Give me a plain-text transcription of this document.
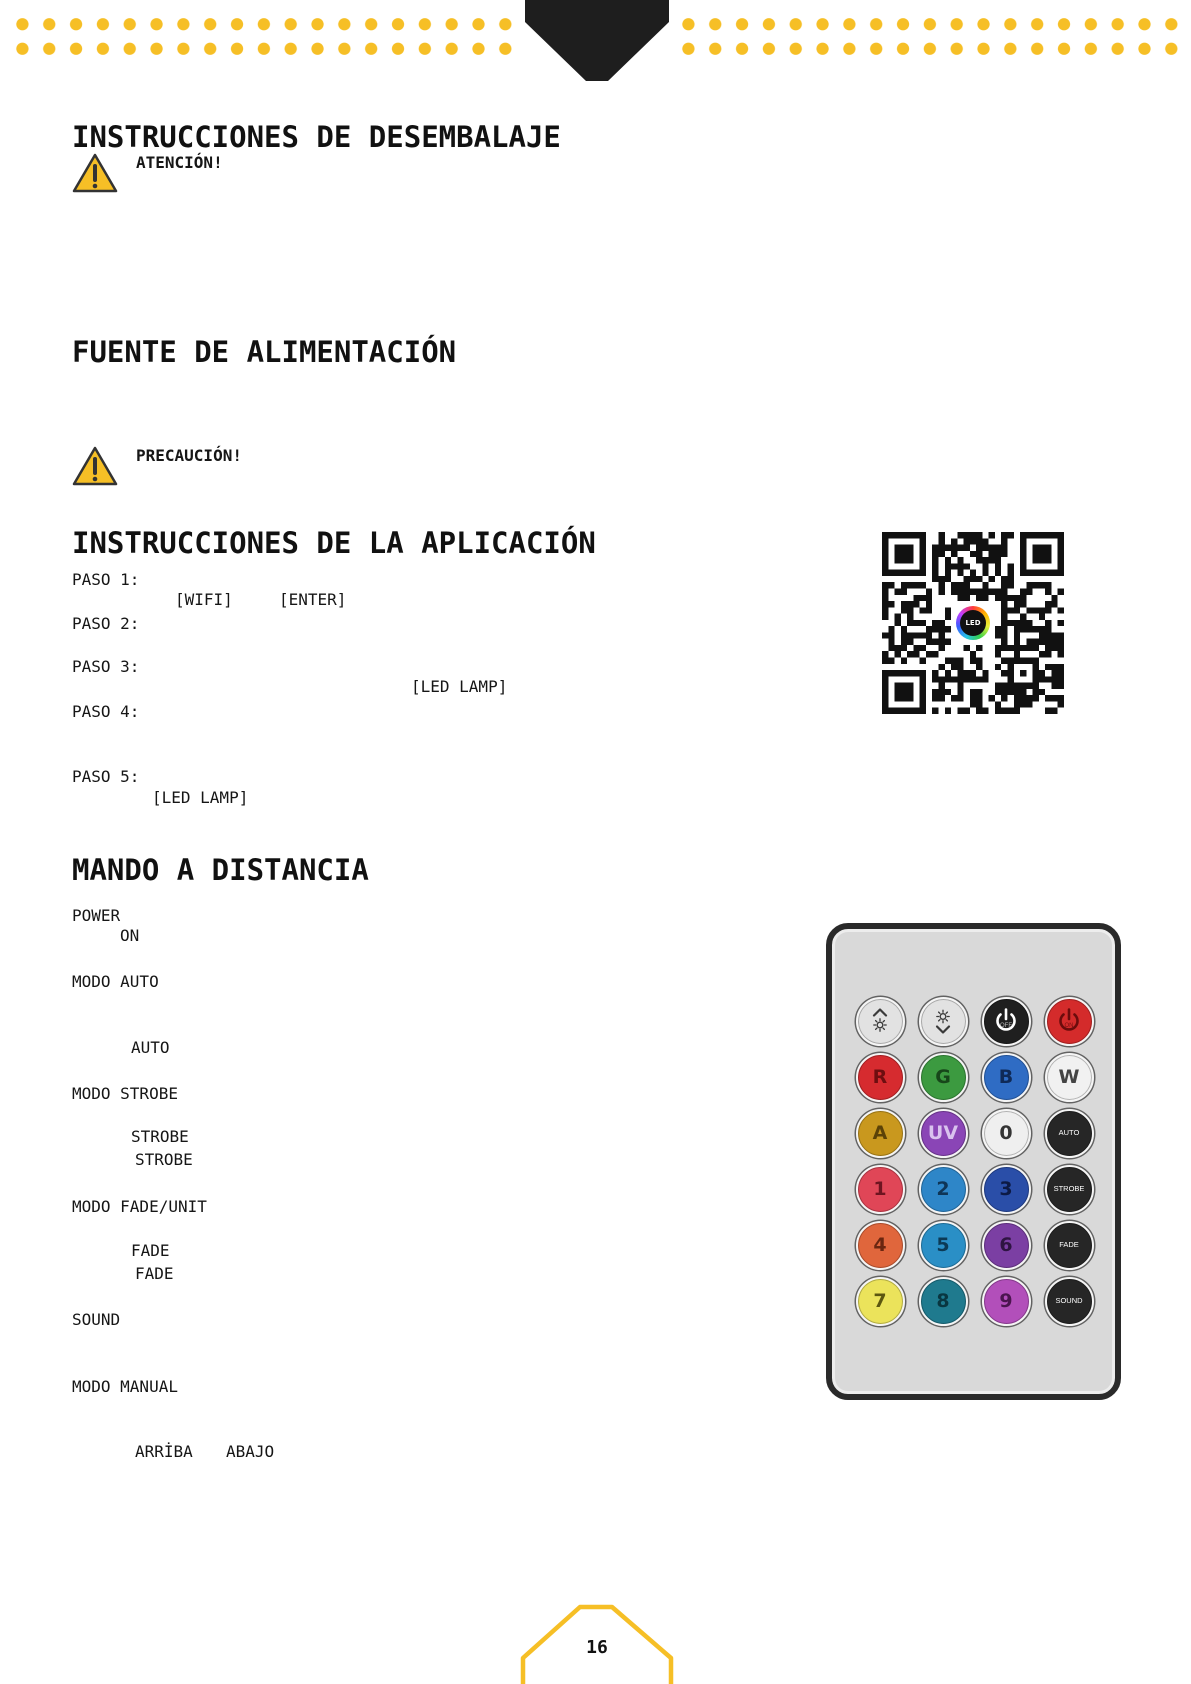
INSTRUCCIONES DE DESEMBALAJE
ATENCIÓN!
FUENTE DE ALIMENTACIÓN
PRECAUCIÓN!
INSTRUCCIONES DE LA APLICACIÓN
PASO 1:
[WIFI]	[ENTER]
PASO 2:
PASO 3:
[LED LAMP]
PASO 4:
PASO 5:
[LED LAMP]
LED
MANDO A DISTANCIA
POWER
ON
MODO AUTO
AUTO
MODO STROBE
STROBE
STROBE
MODO FADE/UNIT
FADE
FADE
SOUND
MODO MANUAL
ARRİBA ABAJO
OFF	ON
R	G	B W
A UV 0	AUTO
1	2	3	STROBE
4	5	6	FADE
7	8	9	SOUND
16
